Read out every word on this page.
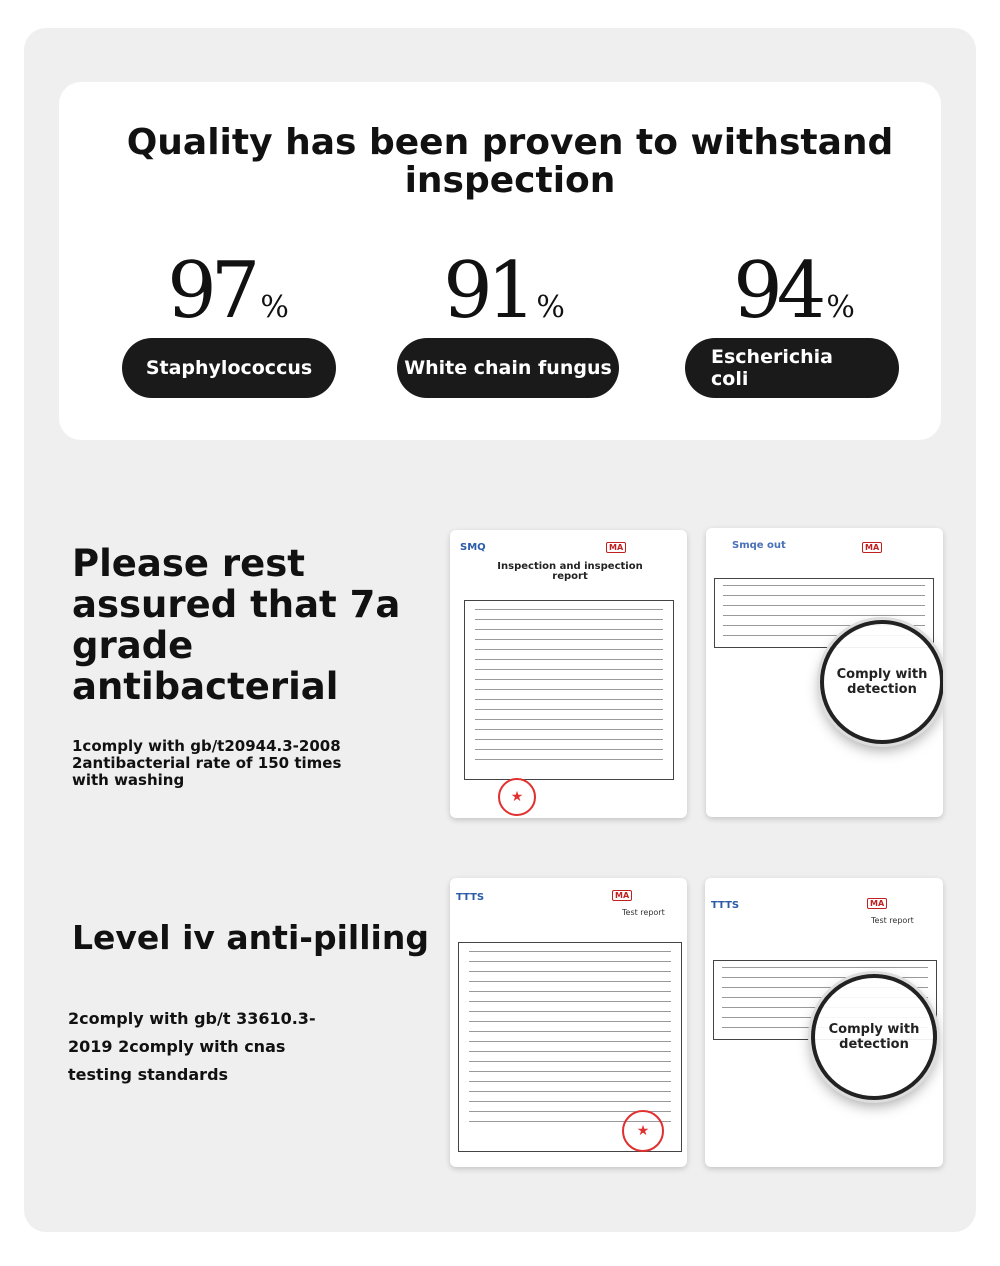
Quality has been proven to withstand inspection
97 %	91 %	94 %
Staphylococcus	White chain fungus	Escherichia coli
Please rest assured that 7a grade antibacterial
1comply with gb/t20944.3-2008 2antibacterial rate of 150 times with washing
Level iv anti-pilling
2comply with gb/t 33610.3-2019 2comply with cnas testing standards
SMQ	MA
Inspection and inspection report
★
Smqe out	MA
Comply with detection
TTTS	MA
Test report
★
TTTS	MA
Test report
Comply with detection
